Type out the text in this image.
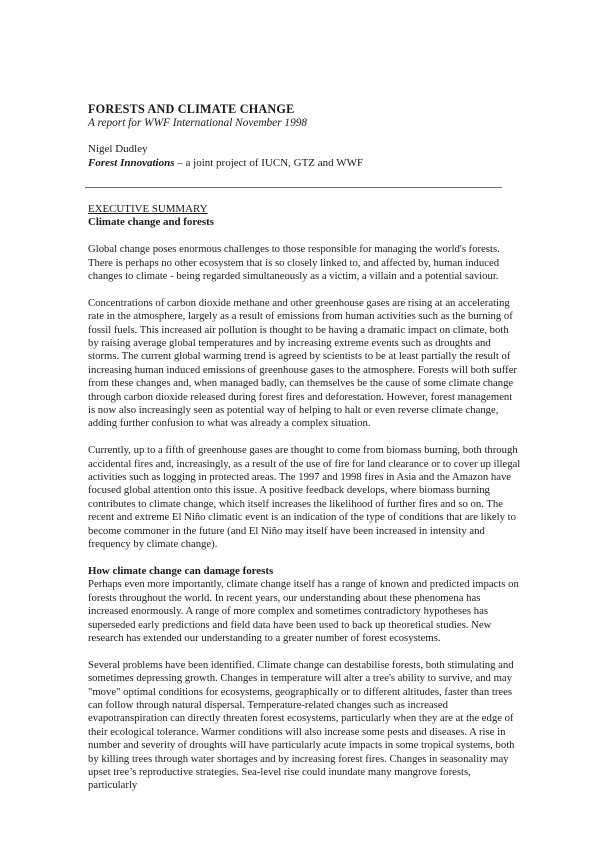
FORESTS AND CLIMATE CHANGE
A report for WWF International November 1998
Nigel Dudley
Forest Innovations – a joint project of IUCN, GTZ and WWF
EXECUTIVE SUMMARY
Climate change and forests

Global change poses enormous challenges to those responsible for managing the world's forests. There is perhaps no other ecosystem that is so closely linked to, and affected by, human induced changes to climate - being regarded simultaneously as a victim, a villain and a potential saviour.

Concentrations of carbon dioxide methane and other greenhouse gases are rising at an accelerating rate in the atmosphere, largely as a result of emissions from human activities such as the burning of fossil fuels. This increased air pollution is thought to be having a dramatic impact on climate, both by raising average global temperatures and by increasing extreme events such as droughts and storms. The current global warming trend is agreed by scientists to be at least partially the result of increasing human induced emissions of greenhouse gases to the atmosphere. Forests will both suffer from these changes and, when managed badly, can themselves be the cause of some climate change through carbon dioxide released during forest fires and deforestation. However, forest management is now also increasingly seen as potential way of helping to halt or even reverse climate change, adding further confusion to what was already a complex situation.

Currently, up to a fifth of greenhouse gases are thought to come from biomass burning, both through accidental fires and, increasingly, as a result of the use of fire for land clearance or to cover up illegal activities such as logging in protected areas. The 1997 and 1998 fires in Asia and the Amazon have focused global attention onto this issue. A positive feedback develops, where biomass burning contributes to climate change, which itself increases the likelihood of further fires and so on. The recent and extreme El Niño climatic event is an indication of the type of conditions that are likely to become commoner in the future (and El Niño may itself have been increased in intensity and frequency by climate change).

How climate change can damage forests

Perhaps even more importantly, climate change itself has a range of known and predicted impacts on forests throughout the world. In recent years, our understanding about these phenomena has increased enormously. A range of more complex and sometimes contradictory hypotheses has superseded early predictions and field data have been used to back up theoretical studies. New research has extended our understanding to a greater number of forest ecosystems.

Several problems have been identified. Climate change can destabilise forests, both stimulating and sometimes depressing growth. Changes in temperature will alter a tree's ability to survive, and may "move" optimal conditions for ecosystems, geographically or to different altitudes, faster than trees can follow through natural dispersal. Temperature-related changes such as increased evapotranspiration can directly threaten forest ecosystems, particularly when they are at the edge of their ecological tolerance. Warmer conditions will also increase some pests and diseases. A rise in number and severity of droughts will have particularly acute impacts in some tropical systems, both by killing trees through water shortages and by increasing forest fires. Changes in seasonality may upset tree’s reproductive strategies. Sea-level rise could inundate many mangrove forests, particularly
